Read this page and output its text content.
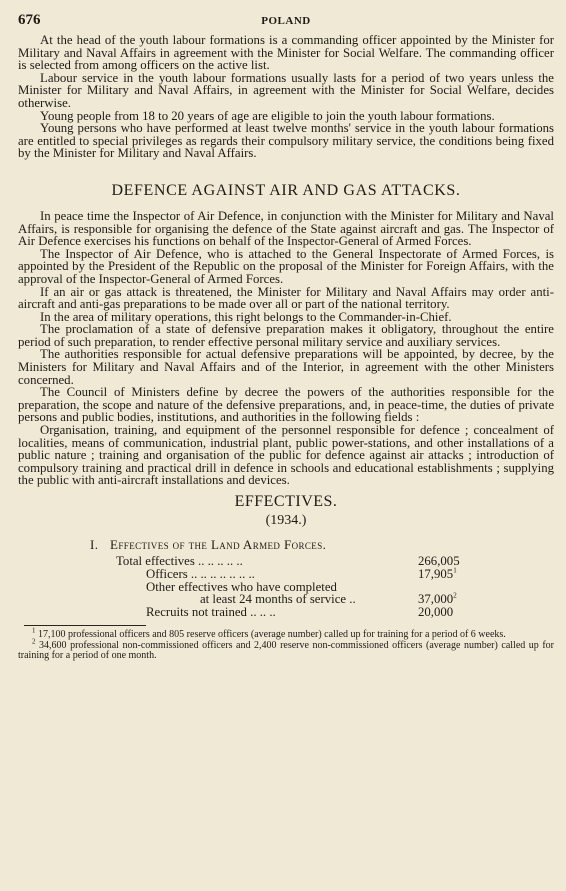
676	POLAND

At the head of the youth labour formations is a commanding officer appointed by the Minister for Military and Naval Affairs in agreement with the Minister for Social Welfare. The commanding officer is selected from among officers on the active list.

Labour service in the youth labour formations usually lasts for a period of two years unless the Minister for Military and Naval Affairs, in agreement with the Minister for Social Welfare, decides otherwise.

Young people from 18 to 20 years of age are eligible to join the youth labour formations.

Young persons who have performed at least twelve months' service in the youth labour formations are entitled to special privileges as regards their compulsory military service, the conditions being fixed by the Minister for Military and Naval Affairs.

DEFENCE AGAINST AIR AND GAS ATTACKS.

In peace time the Inspector of Air Defence, in conjunction with the Minister for Military and Naval Affairs, is responsible for organising the defence of the State against aircraft and gas. The Inspector of Air Defence exercises his functions on behalf of the Inspector-General of Armed Forces.

The Inspector of Air Defence, who is attached to the General Inspectorate of Armed Forces, is appointed by the President of the Republic on the proposal of the Minister for Foreign Affairs, with the approval of the Inspector-General of Armed Forces.

If an air or gas attack is threatened, the Minister for Military and Naval Affairs may order anti-aircraft and anti-gas preparations to be made over all or part of the national territory.

In the area of military operations, this right belongs to the Commander-in-Chief.

The proclamation of a state of defensive preparation makes it obligatory, throughout the entire period of such preparation, to render effective personal military service and auxiliary services.

The authorities responsible for actual defensive preparations will be appointed, by decree, by the Ministers for Military and Naval Affairs and of the Interior, in agreement with the other Ministers concerned.

The Council of Ministers define by decree the powers of the authorities responsible for the preparation, the scope and nature of the defensive preparations, and, in peace-time, the duties of private persons and public bodies, institutions, and authorities in the following fields :

Organisation, training, and equipment of the personnel responsible for defence ; concealment of localities, means of communication, industrial plant, public power-stations, and other installations of a public nature ; training and organisation of the public for defence against air attacks ; introduction of compulsory training and practical drill in defence in schools and educational establishments ; supplying the public with anti-aircraft installations and devices.

EFFECTIVES.
(1934.)
I. Effectives of the Land Armed Forces.
Total effectives .. .. .. .. ..	266,005
Officers .. .. .. .. .. .. ..	17,905$^1$
Other effectives who have completed
at least 24 months of service ..	37,000$^2$
Recruits not trained .. .. ..	20,000

$^1$ 17,100 professional officers and 805 reserve officers (average number) called up for training for a period of 6 weeks.

$^2$ 34,600 professional non-commissioned officers and 2,400 reserve non-commissioned officers (average number) called up for training for a period of one month.
